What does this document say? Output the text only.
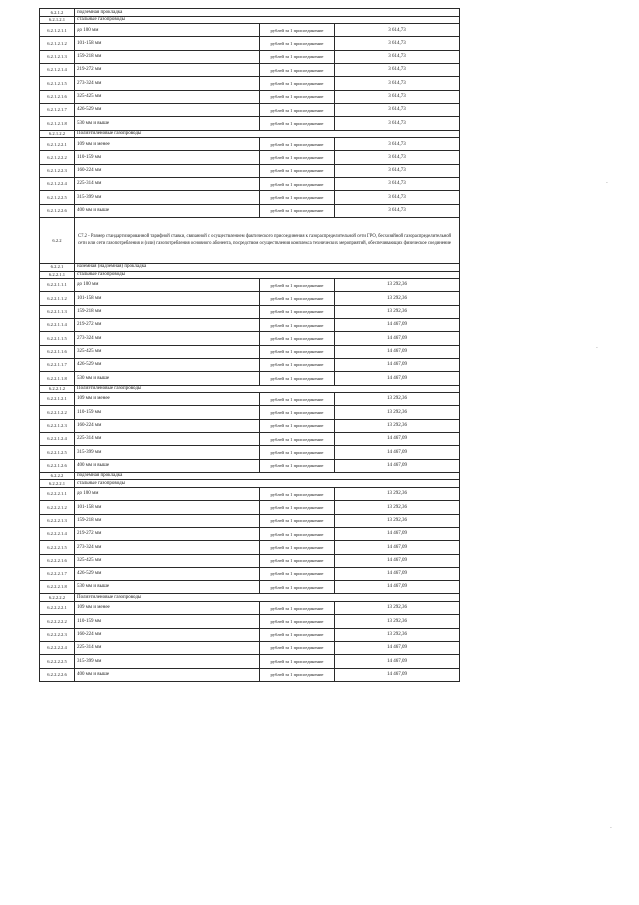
6.2.1.2	подземная прокладка		
6.2.1.2.1	стальные газопроводы		
6.2.1.2.1.1	до 100 мм	рублей за 1 присоединение	3 614,73
6.2.1.2.1.2	101-158 мм	рублей за 1 присоединение	3 614,73
6.2.1.2.1.3	159-218 мм	рублей за 1 присоединение	3 614,73
6.2.1.2.1.4	219-272 мм	рублей за 1 присоединение	3 614,73
6.2.1.2.1.5	273-324 мм	рублей за 1 присоединение	3 614,73
6.2.1.2.1.6	325-425 мм	рублей за 1 присоединение	3 614,73
6.2.1.2.1.7	426-529 мм	рублей за 1 присоединение	3 614,73
6.2.1.2.1.8	530 мм и выше	рублей за 1 присоединение	3 614,73
6.2.1.2.2	Полиэтиленовые газопроводы		
6.2.1.2.2.1	109 мм и менее	рублей за 1 присоединение	3 614,73
6.2.1.2.2.2	110-159 мм	рублей за 1 присоединение	3 614,73
6.2.1.2.2.3	160-224 мм	рублей за 1 присоединение	3 614,73
6.2.1.2.2.4	225-314 мм	рублей за 1 присоединение	3 614,73
6.2.1.2.2.5	315-399 мм	рублей за 1 присоединение	3 614,73
6.2.1.2.2.6	400 мм и выше	рублей за 1 присоединение	3 614,73
6.2.2	С7.2 - Размер стандартизированной тарифной ставки, связанной с осуществлением фактического присоединения к газораспределительной сети ГРО, бесхозяйной газораспределительной сети или сети газопотребления и (или) газопотребления основного абонента, посредством осуществления комплекса технических мероприятий, обеспечивающих физическое соединение		
6.2.2.1	наземная (надземная) прокладка		
6.2.2.1.1	стальные газопроводы		
6.2.2.1.1.1	до 100 мм	рублей за 1 присоединение	13 292,36
6.2.2.1.1.2	101-158 мм	рублей за 1 присоединение	13 292,36
6.2.2.1.1.3	159-218 мм	рублей за 1 присоединение	13 292,36
6.2.2.1.1.4	219-272 мм	рублей за 1 присоединение	14 467,09
6.2.2.1.1.5	273-324 мм	рублей за 1 присоединение	14 467,09
6.2.2.1.1.6	325-425 мм	рублей за 1 присоединение	14 467,09
6.2.2.1.1.7	426-529 мм	рублей за 1 присоединение	14 467,09
6.2.2.1.1.8	530 мм и выше	рублей за 1 присоединение	14 467,09
6.2.2.1.2	Полиэтиленовые газопроводы		
6.2.2.1.2.1	109 мм и менее	рублей за 1 присоединение	13 292,36
6.2.2.1.2.2	110-159 мм	рублей за 1 присоединение	13 292,36
6.2.2.1.2.3	160-224 мм	рублей за 1 присоединение	13 292,36
6.2.2.1.2.4	225-314 мм	рублей за 1 присоединение	14 467,09
6.2.2.1.2.5	315-399 мм	рублей за 1 присоединение	14 467,09
6.2.2.1.2.6	400 мм и выше	рублей за 1 присоединение	14 467,09
6.2.2.2	подземная прокладка		
6.2.2.2.1	стальные газопроводы		
6.2.2.2.1.1	до 100 мм	рублей за 1 присоединение	13 292,36
6.2.2.2.1.2	101-158 мм	рублей за 1 присоединение	13 292,36
6.2.2.2.1.3	159-218 мм	рублей за 1 присоединение	13 292,36
6.2.2.2.1.4	219-272 мм	рублей за 1 присоединение	14 467,09
6.2.2.2.1.5	273-324 мм	рублей за 1 присоединение	14 467,09
6.2.2.2.1.6	325-425 мм	рублей за 1 присоединение	14 467,09
6.2.2.2.1.7	426-529 мм	рублей за 1 присоединение	14 467,09
6.2.2.2.1.8	530 мм и выше	рублей за 1 присоединение	14 467,09
6.2.2.2.2	Полиэтиленовые газопроводы		
6.2.2.2.2.1	109 мм и менее	рублей за 1 присоединение	13 292,36
6.2.2.2.2.2	110-159 мм	рублей за 1 присоединение	13 292,36
6.2.2.2.2.3	160-224 мм	рублей за 1 присоединение	13 292,36
6.2.2.2.2.4	225-314 мм	рублей за 1 присоединение	14 467,09
6.2.2.2.2.5	315-399 мм	рублей за 1 присоединение	14 467,09
6.2.2.2.2.6	400 мм и выше	рублей за 1 присоединение	14 467,09
·
·
·
